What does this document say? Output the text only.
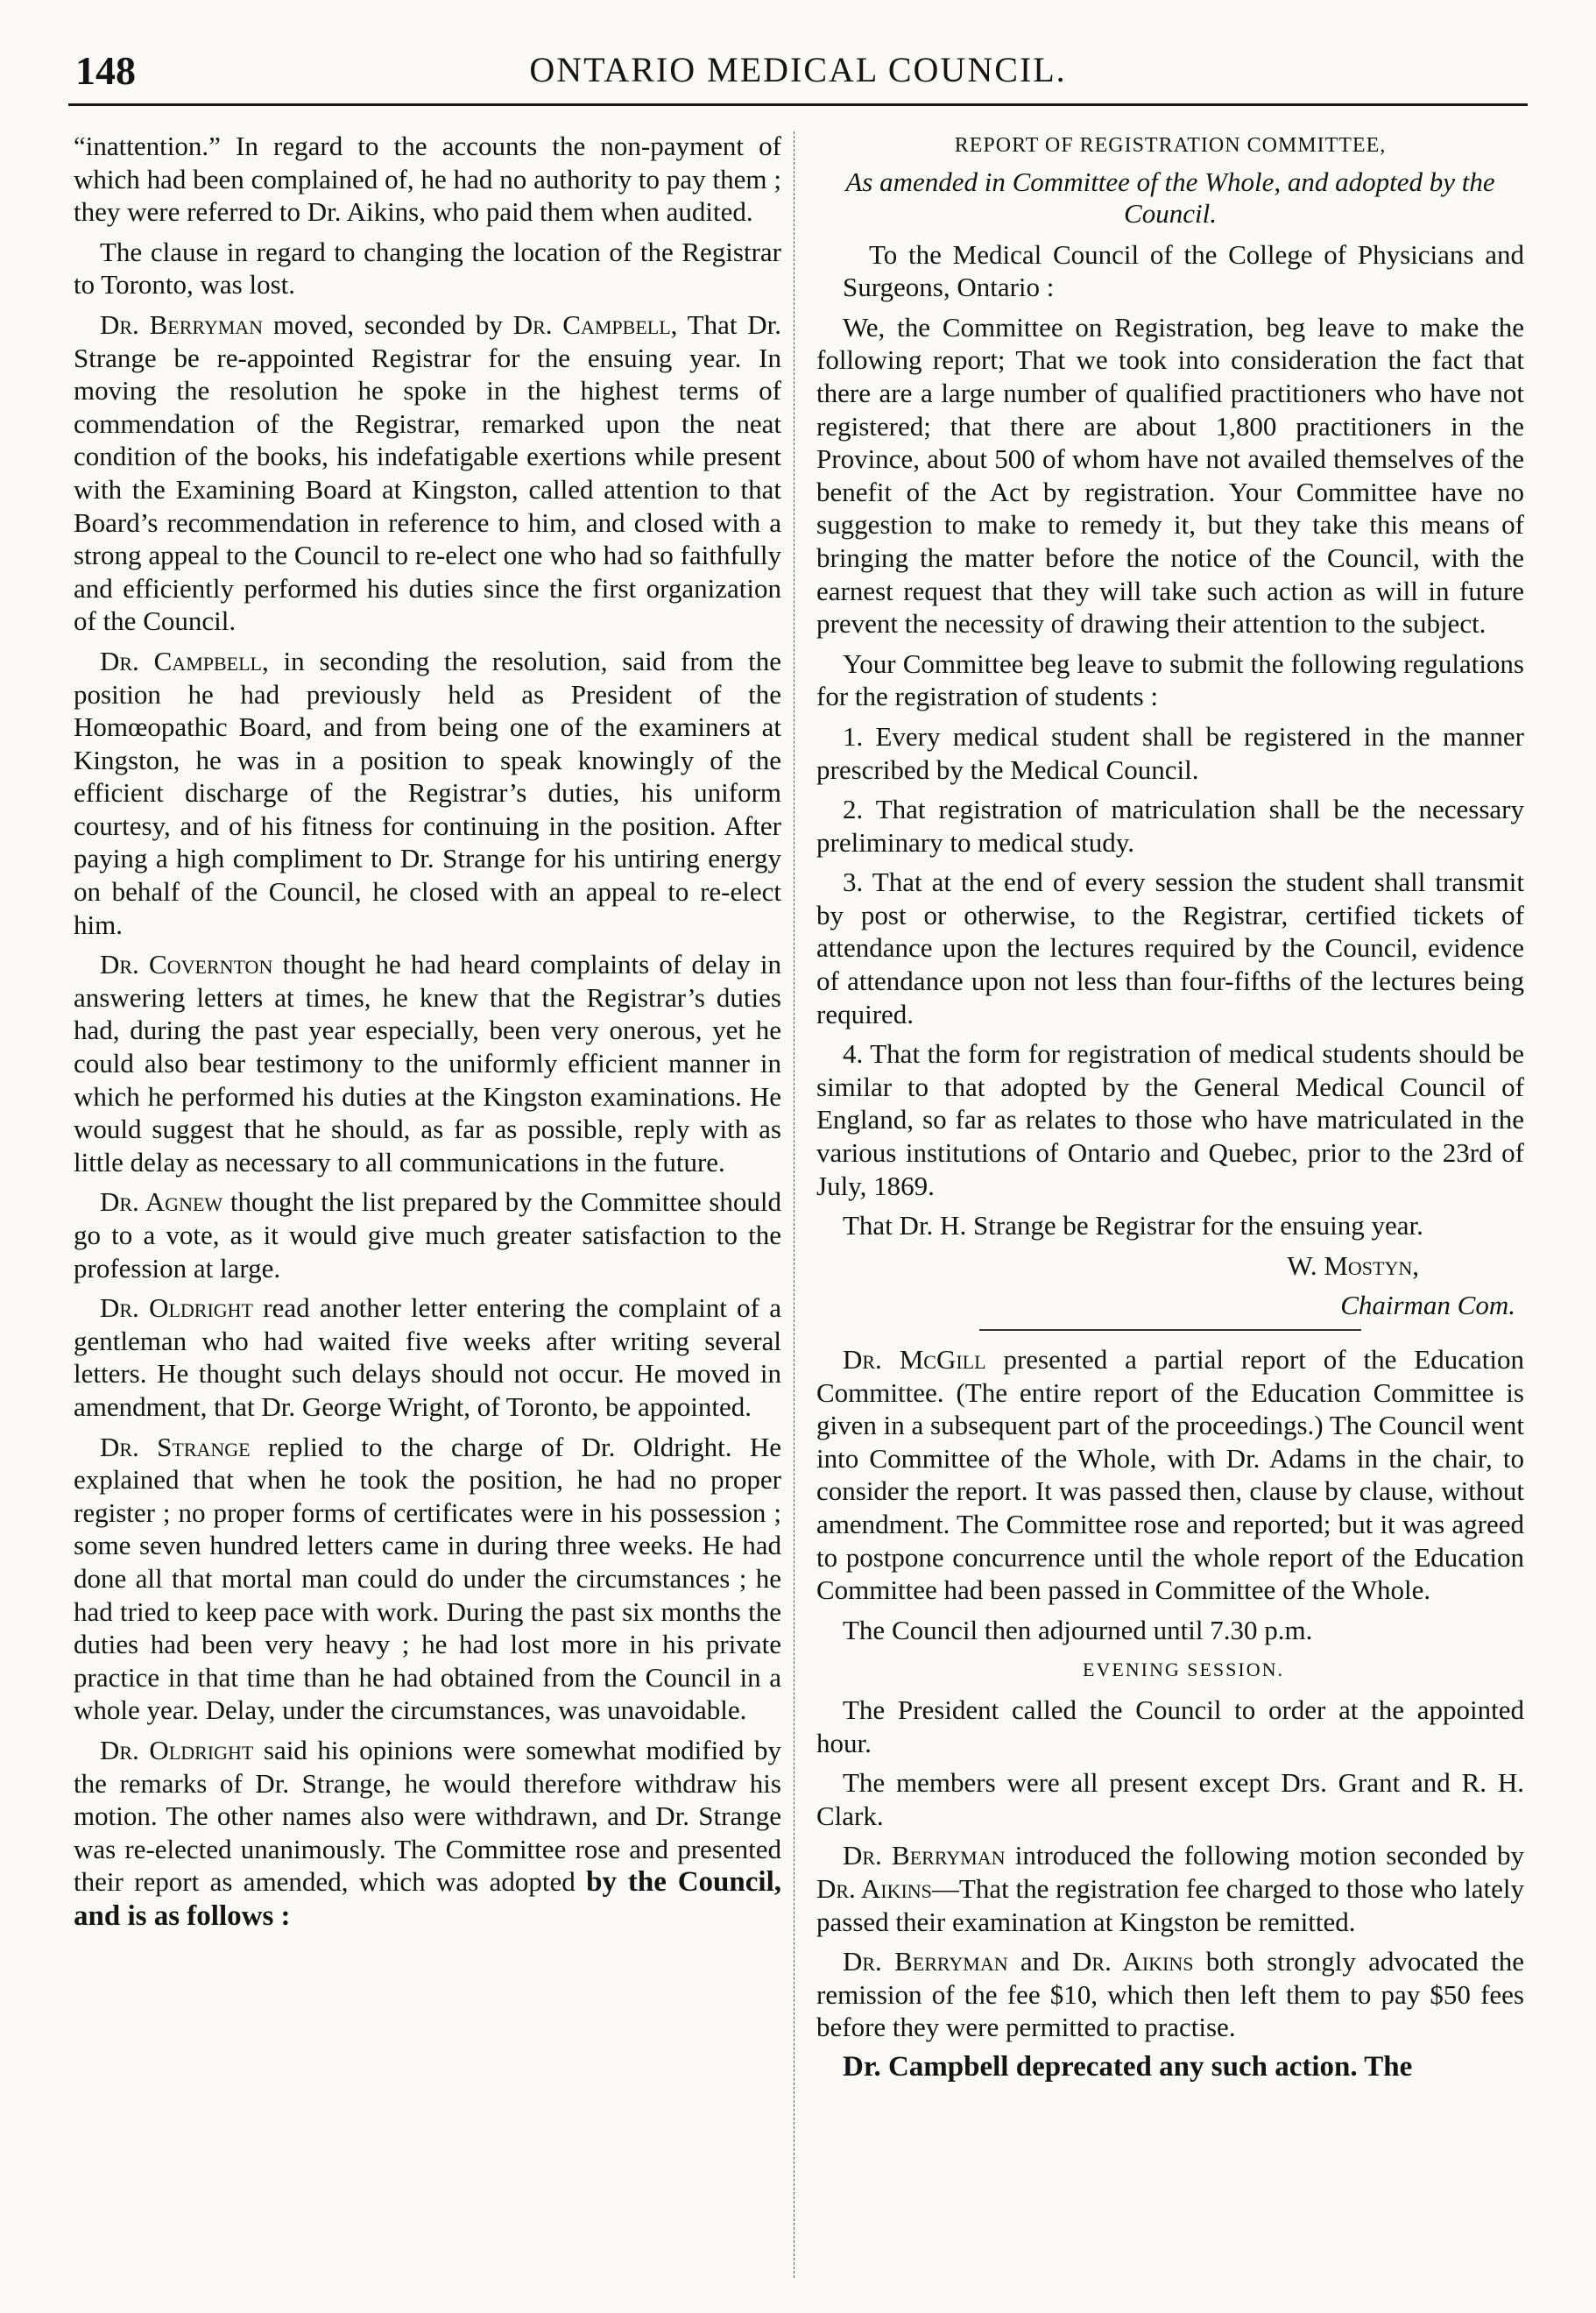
148	ONTARIO MEDICAL COUNCIL.

“inattention.” In regard to the accounts the non-payment of which had been complained of, he had no authority to pay them ; they were referred to Dr. Aikins, who paid them when audited.

The clause in regard to changing the location of the Registrar to Toronto, was lost.

Dr. Berryman moved, seconded by Dr. Campbell, That Dr. Strange be re-appointed Registrar for the ensuing year. In moving the resolution he spoke in the highest terms of commendation of the Registrar, remarked upon the neat condition of the books, his indefatigable exertions while present with the Examining Board at Kingston, called attention to that Board’s recommendation in reference to him, and closed with a strong appeal to the Council to re-elect one who had so faithfully and efficiently performed his duties since the first organization of the Council.

Dr. Campbell, in seconding the resolution, said from the position he had previously held as President of the Homœopathic Board, and from being one of the examiners at Kingston, he was in a position to speak knowingly of the efficient discharge of the Registrar’s duties, his uniform courtesy, and of his fitness for continuing in the position. After paying a high compliment to Dr. Strange for his untiring energy on behalf of the Council, he closed with an appeal to re-elect him.

Dr. Covernton thought he had heard complaints of delay in answering letters at times, he knew that the Registrar’s duties had, during the past year especially, been very onerous, yet he could also bear testimony to the uniformly efficient manner in which he performed his duties at the Kingston examinations. He would suggest that he should, as far as possible, reply with as little delay as necessary to all communications in the future.

Dr. Agnew thought the list prepared by the Committee should go to a vote, as it would give much greater satisfaction to the profession at large.

Dr. Oldright read another letter entering the complaint of a gentleman who had waited five weeks after writing several letters. He thought such delays should not occur. He moved in amendment, that Dr. George Wright, of Toronto, be appointed.

Dr. Strange replied to the charge of Dr. Oldright. He explained that when he took the position, he had no proper register ; no proper forms of certificates were in his possession ; some seven hundred letters came in during three weeks. He had done all that mortal man could do under the circumstances ; he had tried to keep pace with work. During the past six months the duties had been very heavy ; he had lost more in his private practice in that time than he had obtained from the Council in a whole year. Delay, under the circumstances, was unavoidable.

Dr. Oldright said his opinions were somewhat modified by the remarks of Dr. Strange, he would therefore withdraw his motion. The other names also were withdrawn, and Dr. Strange was re-elected unanimously. The Committee rose and presented their report as amended, which was adopted by the Council, and is as follows :

REPORT OF REGISTRATION COMMITTEE,
As amended in Committee of the Whole, and adopted by the Council.

To the Medical Council of the College of Physicians and Surgeons, Ontario :

We, the Committee on Registration, beg leave to make the following report; That we took into consideration the fact that there are a large number of qualified practitioners who have not registered; that there are about 1,800 practitioners in the Province, about 500 of whom have not availed themselves of the benefit of the Act by registration. Your Committee have no suggestion to make to remedy it, but they take this means of bringing the matter before the notice of the Council, with the earnest request that they will take such action as will in future prevent the necessity of drawing their attention to the subject.

Your Committee beg leave to submit the following regulations for the registration of students :

1. Every medical student shall be registered in the manner prescribed by the Medical Council.

2. That registration of matriculation shall be the necessary preliminary to medical study.

3. That at the end of every session the student shall transmit by post or otherwise, to the Registrar, certified tickets of attendance upon the lectures required by the Council, evidence of attendance upon not less than four-fifths of the lectures being required.

4. That the form for registration of medical students should be similar to that adopted by the General Medical Council of England, so far as relates to those who have matriculated in the various institutions of Ontario and Quebec, prior to the 23rd of July, 1869.

That Dr. H. Strange be Registrar for the ensuing year.

W. Mostyn,

Chairman Com.

Dr. McGill presented a partial report of the Education Committee. (The entire report of the Education Committee is given in a subsequent part of the proceedings.) The Council went into Committee of the Whole, with Dr. Adams in the chair, to consider the report. It was passed then, clause by clause, without amendment. The Committee rose and reported; but it was agreed to postpone concurrence until the whole report of the Education Committee had been passed in Committee of the Whole.

The Council then adjourned until 7.30 p.m.

EVENING SESSION.

The President called the Council to order at the appointed hour.

The members were all present except Drs. Grant and R. H. Clark.

Dr. Berryman introduced the following motion seconded by Dr. Aikins—That the registration fee charged to those who lately passed their examination at Kingston be remitted.

Dr. Berryman and Dr. Aikins both strongly advocated the remission of the fee $10, which then left them to pay $50 fees before they were permitted to practise.

Dr. Campbell deprecated any such action. The
